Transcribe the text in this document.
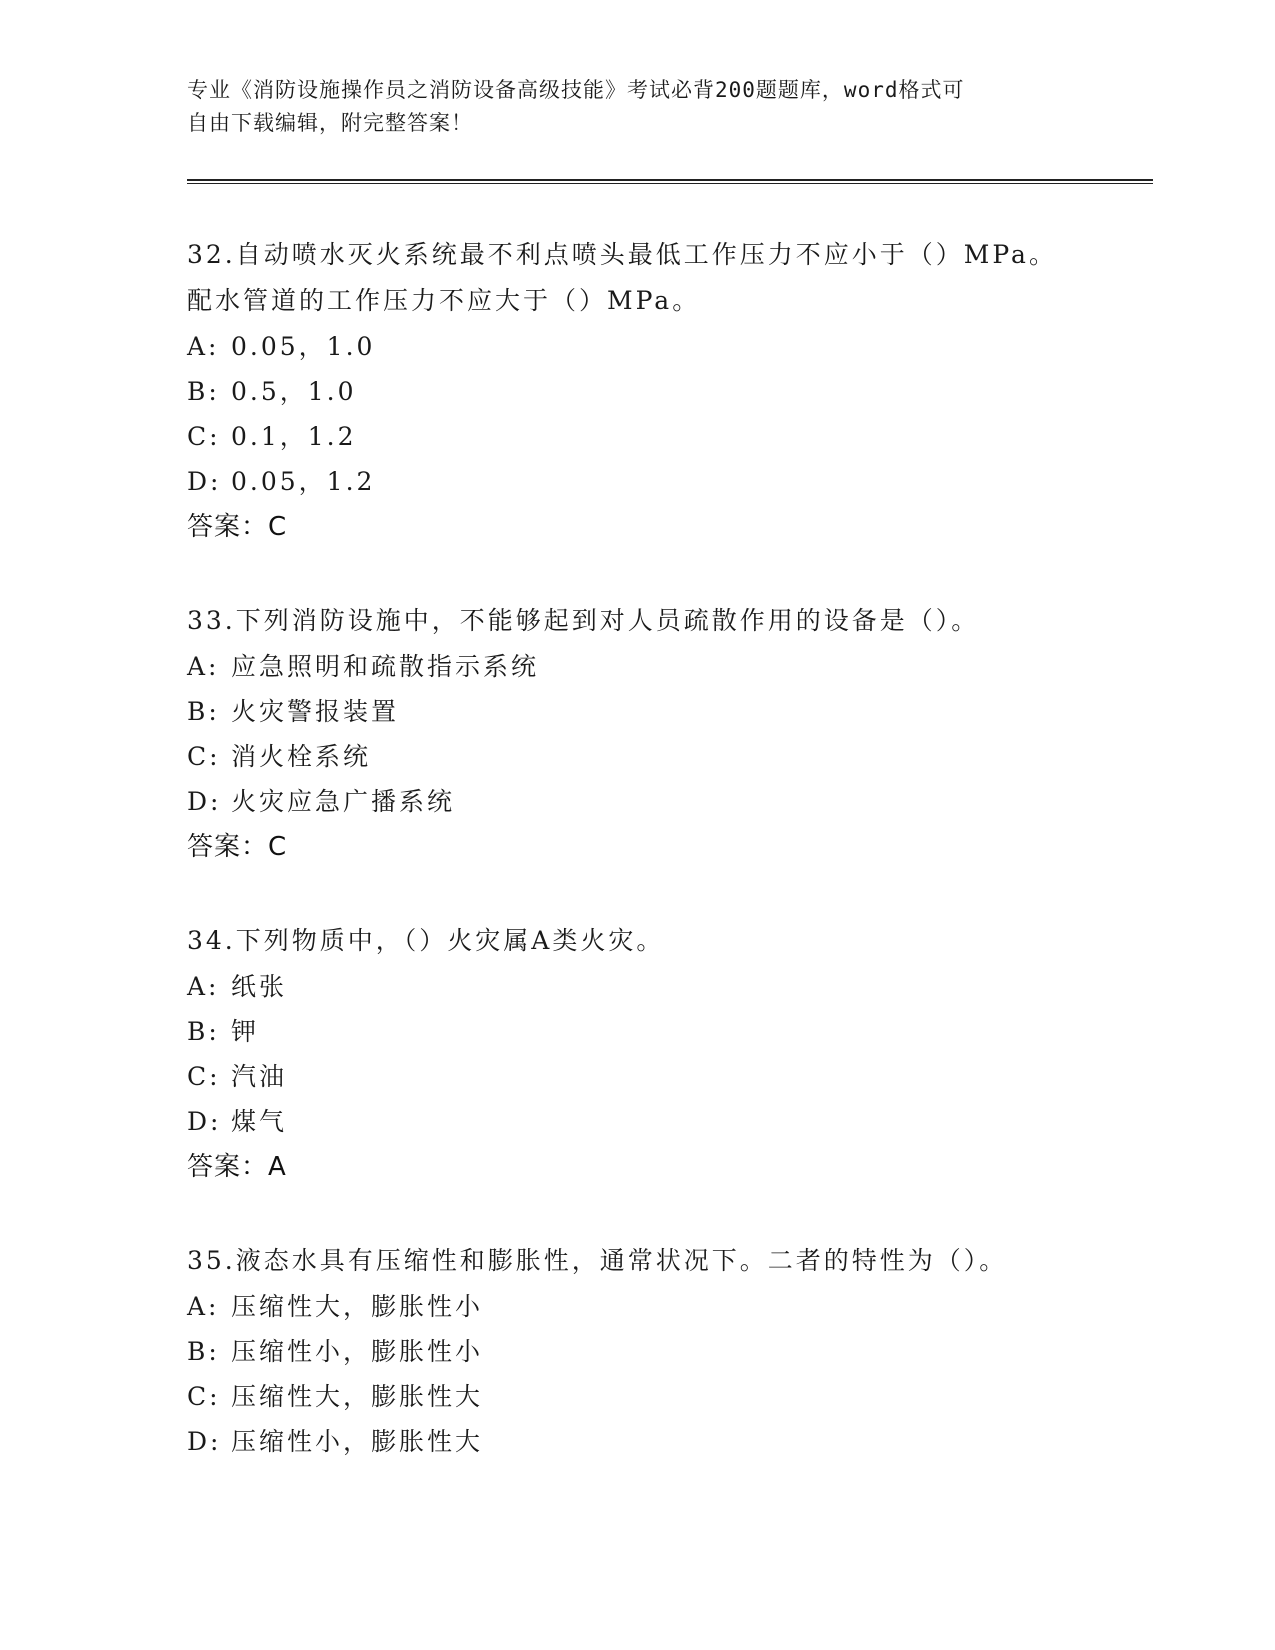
专业《消防设施操作员之消防设备高级技能》考试必背200题题库，word格式可
自由下载编辑，附完整答案！
32.自动喷水灭火系统最不利点喷头最低工作压力不应小于（）MPa。
配水管道的工作压力不应大于（）MPa。
A: 0.05，1.0
B: 0.5，1.0
C: 0.1，1.2
D: 0.05，1.2
答案：C
33.下列消防设施中，不能够起到对人员疏散作用的设备是（）。
A: 应急照明和疏散指示系统
B: 火灾警报装置
C: 消火栓系统
D: 火灾应急广播系统
答案：C
34.下列物质中，（）火灾属A类火灾。
A: 纸张
B: 钾
C: 汽油
D: 煤气
答案：A
35.液态水具有压缩性和膨胀性，通常状况下。二者的特性为（）。
A: 压缩性大，膨胀性小
B: 压缩性小，膨胀性小
C: 压缩性大，膨胀性大
D: 压缩性小，膨胀性大
